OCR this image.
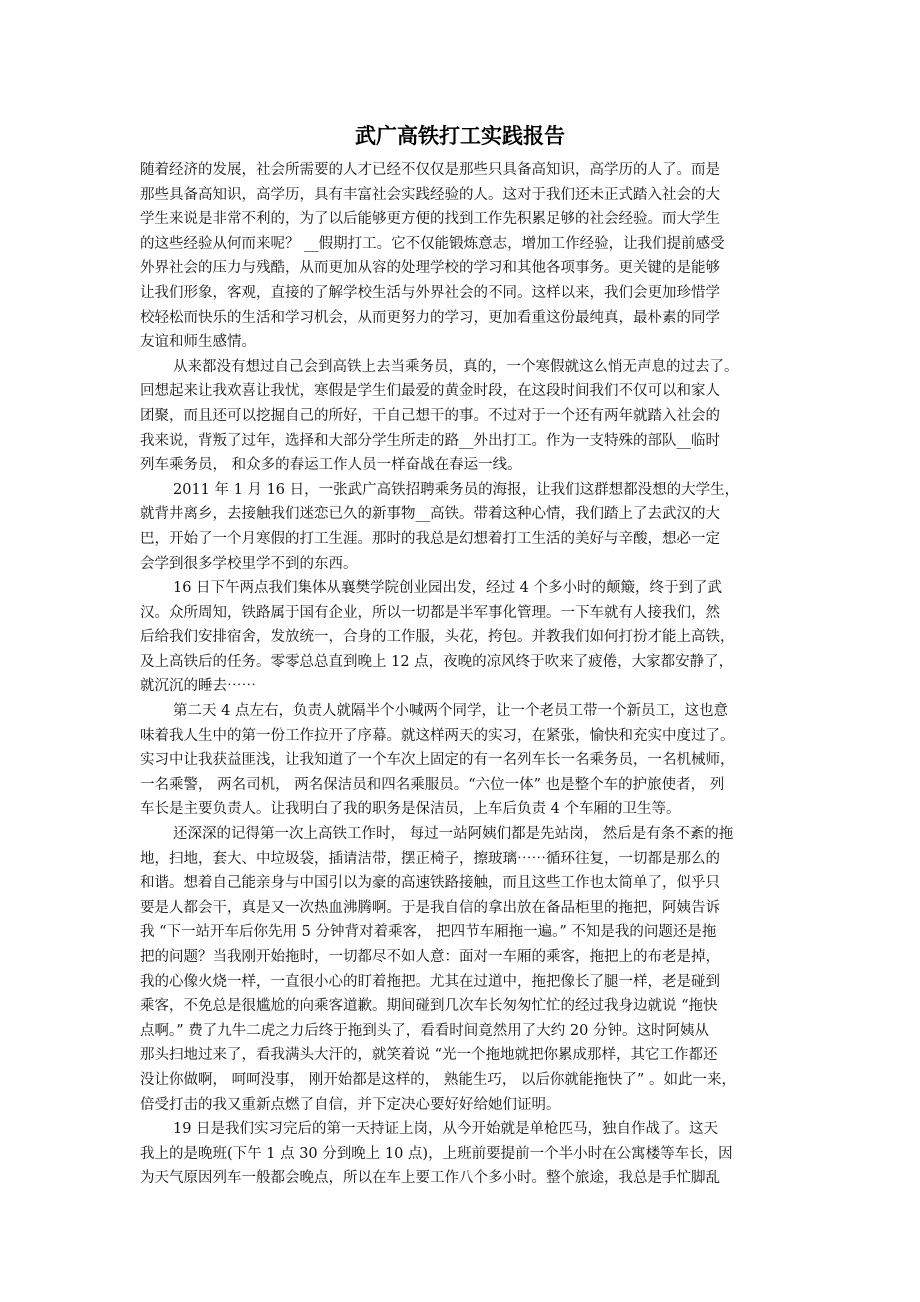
武广高铁打工实践报告
随着经济的发展，社会所需要的人才已经不仅仅是那些只具备高知识，高学历的人了。而是
那些具备高知识，高学历，具有丰富社会实践经验的人。这对于我们还未正式踏入社会的大
学生来说是非常不利的，为了以后能够更方便的找到工作先积累足够的社会经验。而大学生
的这些经验从何而来呢？ __假期打工。它不仅能锻炼意志，增加工作经验，让我们提前感受
外界社会的压力与残酷，从而更加从容的处理学校的学习和其他各项事务。更关键的是能够
让我们形象，客观，直接的了解学校生活与外界社会的不同。这样以来，我们会更加珍惜学
校轻松而快乐的生活和学习机会，从而更努力的学习，更加看重这份最纯真，最朴素的同学
友谊和师生感情。
从来都没有想过自己会到高铁上去当乘务员，真的，一个寒假就这么悄无声息的过去了。
回想起来让我欢喜让我忧，寒假是学生们最爱的黄金时段，在这段时间我们不仅可以和家人
团聚，而且还可以挖掘自己的所好，干自己想干的事。不过对于一个还有两年就踏入社会的
我来说，背叛了过年，选择和大部分学生所走的路__外出打工。作为一支特殊的部队__临时
列车乘务员， 和众多的春运工作人员一样奋战在春运一线。
2011 年 1 月 16 日，一张武广高铁招聘乘务员的海报，让我们这群想都没想的大学生，
就背井离乡，去接触我们迷恋已久的新事物__高铁。带着这种心情，我们踏上了去武汉的大
巴，开始了一个月寒假的打工生涯。那时的我总是幻想着打工生活的美好与辛酸，想必一定
会学到很多学校里学不到的东西。
16 日下午两点我们集体从襄樊学院创业园出发，经过 4 个多小时的颠簸，终于到了武
汉。众所周知，铁路属于国有企业，所以一切都是半军事化管理。一下车就有人接我们，然
后给我们安排宿舍，发放统一，合身的工作服，头花，挎包。并教我们如何打扮才能上高铁，
及上高铁后的任务。零零总总直到晚上 12 点，夜晚的凉风终于吹来了疲倦，大家都安静了，
就沉沉的睡去⋯⋯
第二天 4 点左右，负责人就隔半个小喊两个同学，让一个老员工带一个新员工，这也意
味着我人生中的第一份工作拉开了序幕。就这样两天的实习，在紧张，愉快和充实中度过了。
实习中让我获益匪浅，让我知道了一个车次上固定的有一名列车长一名乘务员，一名机械师，
一名乘警， 两名司机， 两名保洁员和四名乘服员。“六位一体” 也是整个车的护旅使者， 列
车长是主要负责人。让我明白了我的职务是保洁员，上车后负责 4 个车厢的卫生等。
还深深的记得第一次上高铁工作时， 每过一站阿姨们都是先站岗， 然后是有条不紊的拖
地，扫地，套大、中垃圾袋，插请洁带，摆正椅子，擦玻璃⋯⋯循环往复，一切都是那么的
和谐。想着自己能亲身与中国引以为豪的高速铁路接触，而且这些工作也太简单了，似乎只
要是人都会干，真是又一次热血沸腾啊。于是我自信的拿出放在备品柜里的拖把，阿姨告诉
我 “下一站开车后你先用 5 分钟背对着乘客， 把四节车厢拖一遍。” 不知是我的问题还是拖
把的问题？当我刚开始拖时，一切都尽不如人意：面对一车厢的乘客，拖把上的布老是掉，
我的心像火烧一样，一直很小心的盯着拖把。尤其在过道中，拖把像长了腿一样，老是碰到
乘客，不免总是很尴尬的向乘客道歉。期间碰到几次车长匆匆忙忙的经过我身边就说 “拖快
点啊。” 费了九牛二虎之力后终于拖到头了，看看时间竟然用了大约 20 分钟。这时阿姨从
那头扫地过来了，看我满头大汗的，就笑着说 “光一个拖地就把你累成那样，其它工作都还
没让你做啊， 呵呵没事， 刚开始都是这样的， 熟能生巧， 以后你就能拖快了” 。如此一来，
倍受打击的我又重新点燃了自信，并下定决心要好好给她们证明。
19 日是我们实习完后的第一天持证上岗，从今开始就是单枪匹马，独自作战了。这天
我上的是晚班(下午 1 点 30 分到晚上 10 点)，上班前要提前一个半小时在公寓楼等车长，因
为天气原因列车一般都会晚点，所以在车上要工作八个多小时。整个旅途，我总是手忙脚乱
